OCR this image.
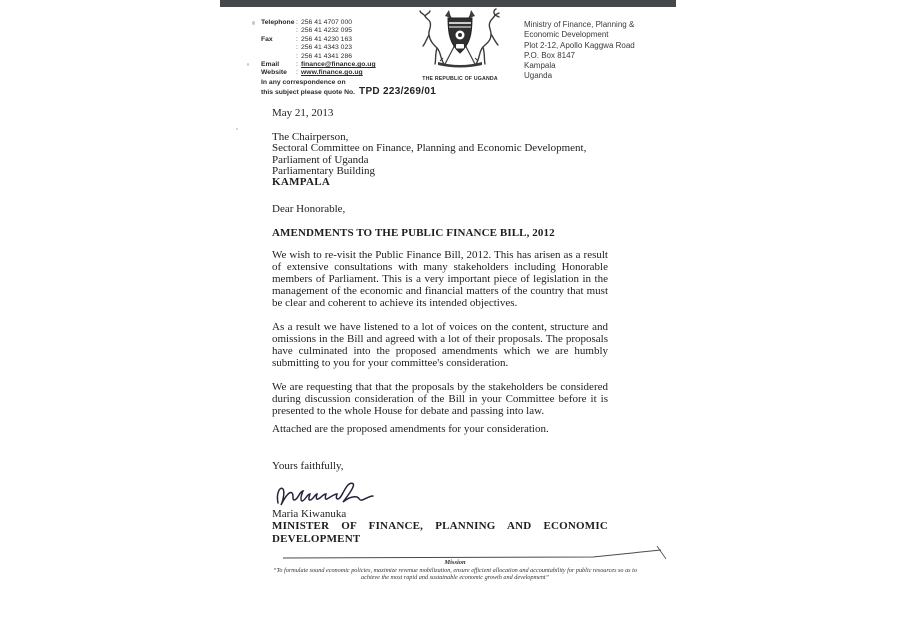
Telephone : 256 41 4707 000
: 256 41 4232 095
Fax	: 256 41 4230 163
: 256 41 4343 023
: 256 41 4341 286
Email	: finance@finance.go.ug
Website	: www.finance.go.ug
THE REPUBLIC OF UGANDA
Ministry of Finance, Planning &
Economic Development
Plot 2-12, Apollo Kaggwa Road
P.O. Box 8147
Kampala
Uganda
In any correspondence on
this subject please quote No. TPD 223/269/01

May 21, 2013

The Chairperson,
Sectoral Committee on Finance, Planning and Economic Development,
Parliament of Uganda
Parliamentary Building
KAMPALA

Dear Honorable,

AMENDMENTS TO THE PUBLIC FINANCE BILL, 2012

We wish to re-visit the Public Finance Bill, 2012. This has arisen as a result of extensive consultations with many stakeholders including Honorable members of Parliament. This is a very important piece of legislation in the management of the economic and financial matters of the country that must be clear and coherent to achieve its intended objectives.

As a result we have listened to a lot of voices on the content, structure and omissions in the Bill and agreed with a lot of their proposals. The proposals have culminated into the proposed amendments which we are humbly submitting to you for your committee's consideration.

We are requesting that that the proposals by the stakeholders be considered during discussion consideration of the Bill in your Committee before it is presented to the whole House for debate and passing into law.

Attached are the proposed amendments for your consideration.

Yours faithfully,

Maria Kiwanuka

MINISTER OF FINANCE, PLANNING AND ECONOMIC
DEVELOPMENT
Mission
“To formulate sound economic policies, maximize revenue mobilization, ensure efficient allocation and accountability for public resources so as to
achieve the most rapid and sustainable economic growth and development”
